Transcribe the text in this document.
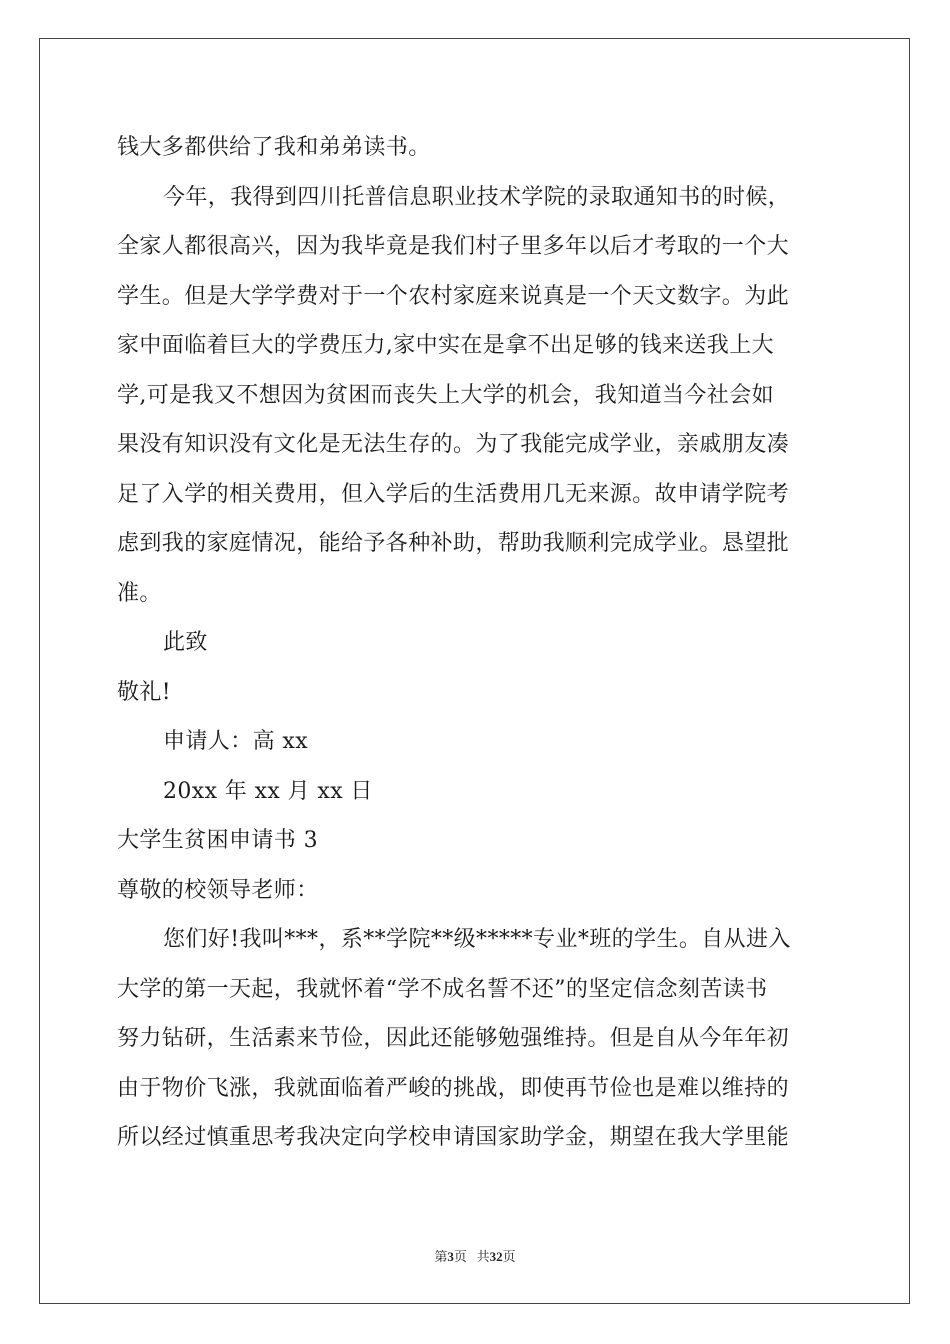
钱大多都供给了我和弟弟读书。
今年，我得到四川托普信息职业技术学院的录取通知书的时候，
全家人都很高兴，因为我毕竟是我们村子里多年以后才考取的一个大
学生。但是大学学费对于一个农村家庭来说真是一个天文数字。为此
家中面临着巨大的学费压力,家中实在是拿不出足够的钱来送我上大
学,可是我又不想因为贫困而丧失上大学的机会，我知道当今社会如
果没有知识没有文化是无法生存的。为了我能完成学业，亲戚朋友凑
足了入学的相关费用，但入学后的生活费用几无来源。故申请学院考
虑到我的家庭情况，能给予各种补助，帮助我顺利完成学业。恳望批
准。
此致
敬礼!
申请人：高 xx
20xx 年 xx 月 xx 日
大学生贫困申请书 3
尊敬的校领导老师：
您们好!我叫***，系**学院**级*****专业*班的学生。自从进入
大学的第一天起，我就怀着“学不成名誓不还”的坚定信念刻苦读书
努力钻研，生活素来节俭，因此还能够勉强维持。但是自从今年年初
由于物价飞涨，我就面临着严峻的挑战，即使再节俭也是难以维持的
所以经过慎重思考我决定向学校申请国家助学金，期望在我大学里能
第3页 共32页
